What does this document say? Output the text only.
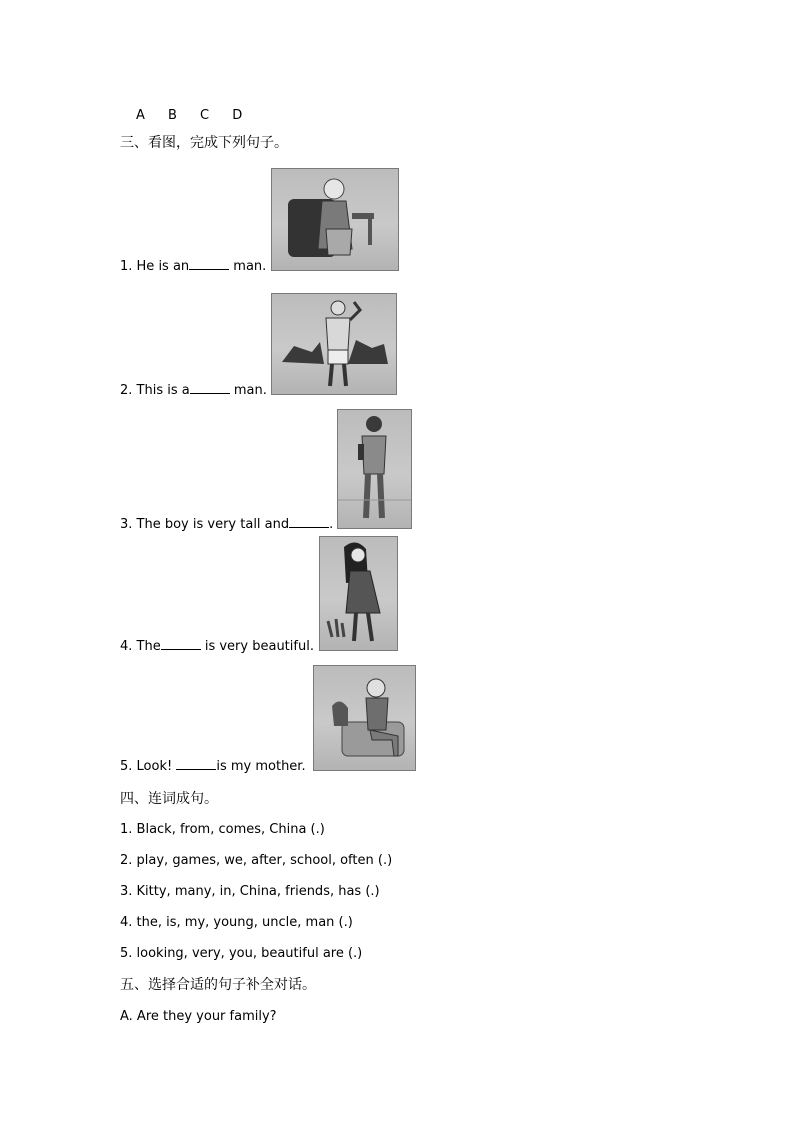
A B C D
三、看图，完成下列句子。
1. He is an	man.
2. This is a	man.
3. The boy is very tall and	.
4. The	is very beautiful.
5. Look!	is my mother.
四、连词成句。
1. Black, from, comes, China (.)
2. play, games, we, after, school, often (.)
3. Kitty, many, in, China, friends, has (.)
4. the, is, my, young, uncle, man (.)
5. looking, very, you, beautiful are (.)
五、选择合适的句子补全对话。
A. Are they your family?
